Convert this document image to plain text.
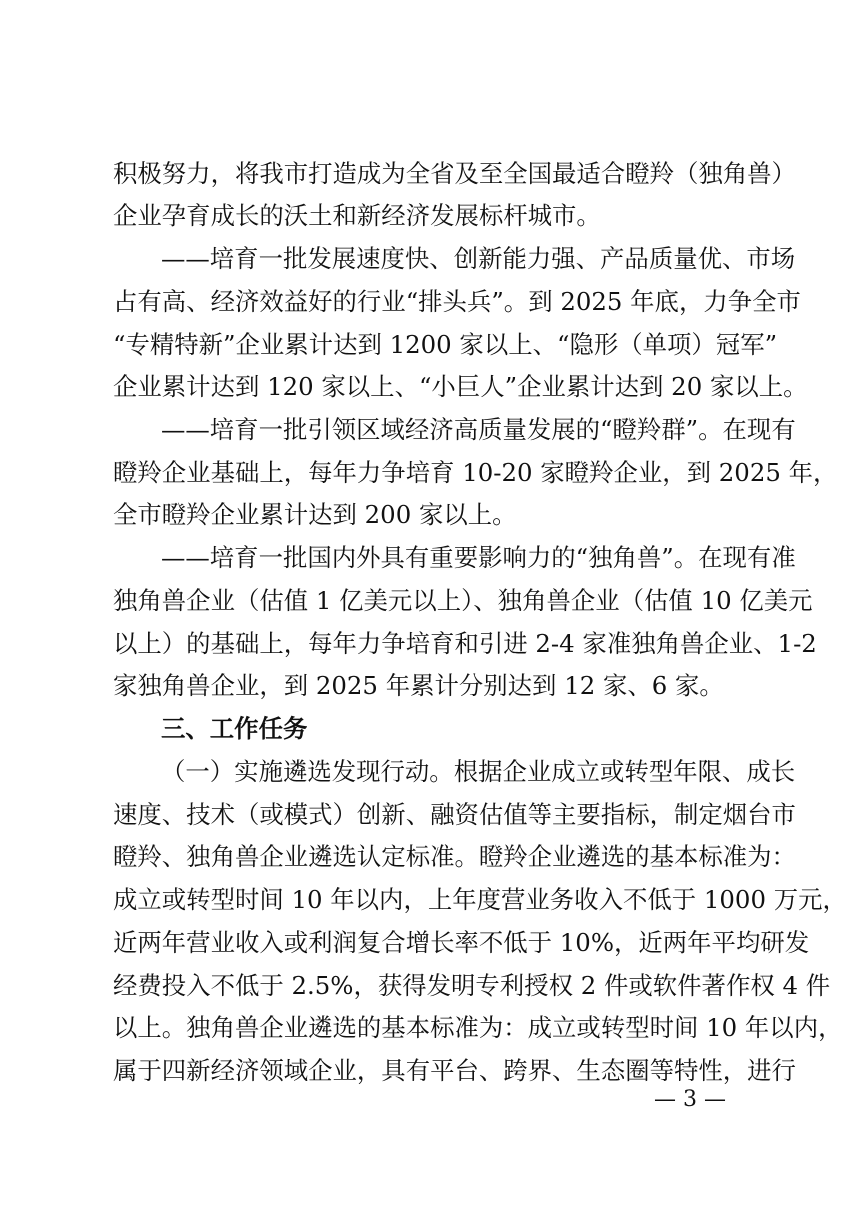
积极努力，将我市打造成为全省及至全国最适合瞪羚（独角兽）
企业孕育成长的沃土和新经济发展标杆城市。
——培育一批发展速度快、创新能力强、产品质量优、市场
占有高、经济效益好的行业“排头兵”。到 2025 年底，力争全市
“专精特新”企业累计达到 1200 家以上、“隐形（单项）冠军”
企业累计达到 120 家以上、“小巨人”企业累计达到 20 家以上。
——培育一批引领区域经济高质量发展的“瞪羚群”。在现有
瞪羚企业基础上，每年力争培育 10-20 家瞪羚企业，到 2025 年，
全市瞪羚企业累计达到 200 家以上。
——培育一批国内外具有重要影响力的“独角兽”。在现有准
独角兽企业（估值 1 亿美元以上）、独角兽企业（估值 10 亿美元
以上）的基础上，每年力争培育和引进 2-4 家准独角兽企业、1-2
家独角兽企业，到 2025 年累计分别达到 12 家、6 家。
三、工作任务
（一）实施遴选发现行动。根据企业成立或转型年限、成长
速度、技术（或模式）创新、融资估值等主要指标，制定烟台市
瞪羚、独角兽企业遴选认定标准。瞪羚企业遴选的基本标准为：
成立或转型时间 10 年以内，上年度营业务收入不低于 1000 万元，
近两年营业收入或利润复合增长率不低于 10%，近两年平均研发
经费投入不低于 2.5%，获得发明专利授权 2 件或软件著作权 4 件
以上。独角兽企业遴选的基本标准为：成立或转型时间 10 年以内，
属于四新经济领域企业，具有平台、跨界、生态圈等特性，进行
— 3 —
